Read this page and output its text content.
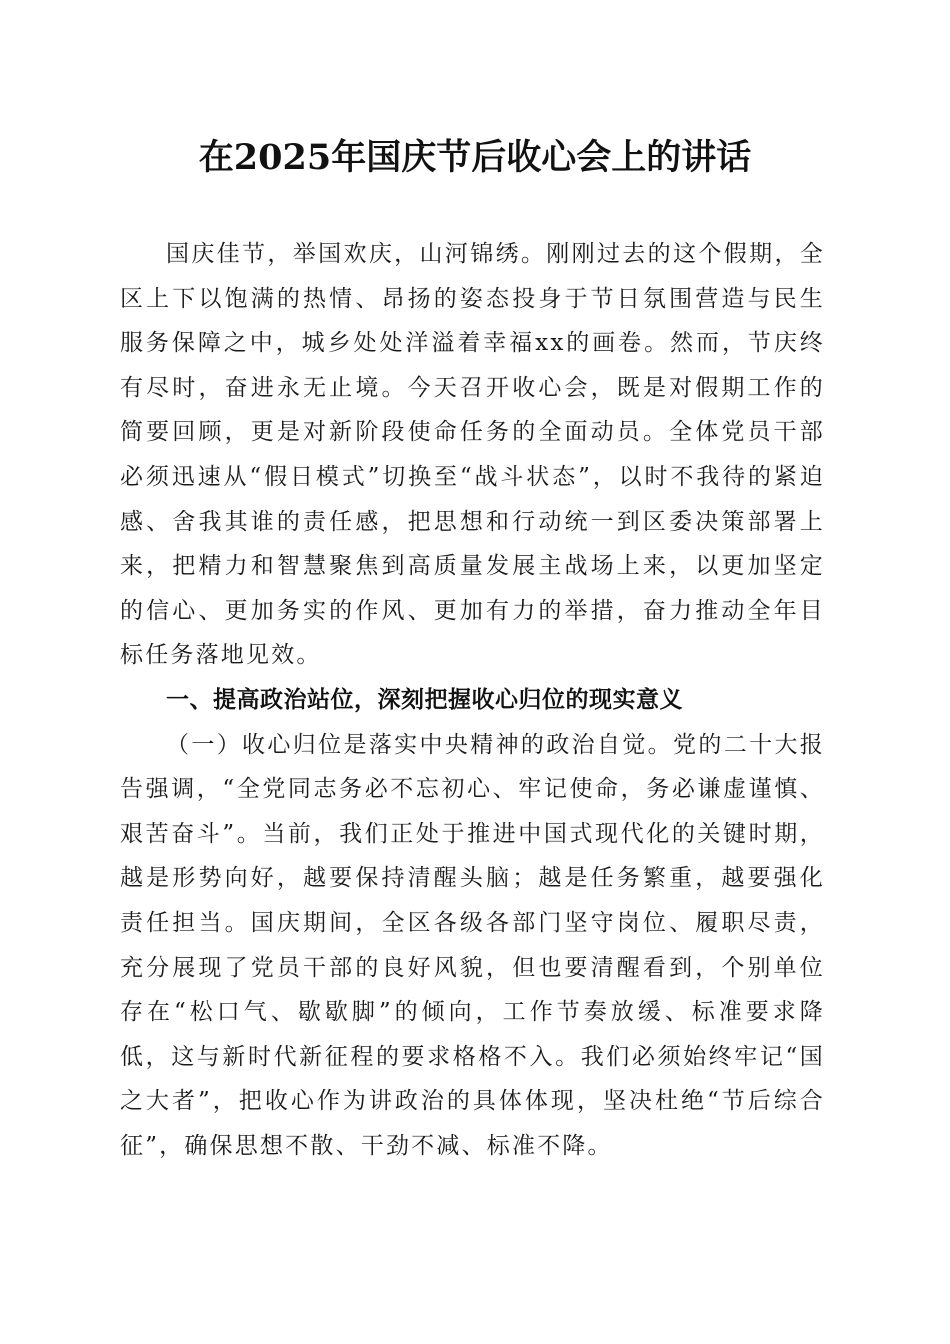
在2025年国庆节后收心会上的讲话

国庆佳节，举国欢庆，山河锦绣。刚刚过去的这个假期，全区上下以饱满的热情、昂扬的姿态投身于节日氛围营造与民生服务保障之中，城乡处处洋溢着幸福xx的画卷。然而，节庆终有尽时，奋进永无止境。今天召开收心会，既是对假期工作的简要回顾，更是对新阶段使命任务的全面动员。全体党员干部必须迅速从“假日模式”切换至“战斗状态”，以时不我待的紧迫感、舍我其谁的责任感，把思想和行动统一到区委决策部署上来，把精力和智慧聚焦到高质量发展主战场上来，以更加坚定的信心、更加务实的作风、更加有力的举措，奋力推动全年目标任务落地见效。

一、提高政治站位，深刻把握收心归位的现实意义

（一）收心归位是落实中央精神的政治自觉。党的二十大报告强调，“全党同志务必不忘初心、牢记使命，务必谦虚谨慎、艰苦奋斗”。当前，我们正处于推进中国式现代化的关键时期，越是形势向好，越要保持清醒头脑；越是任务繁重，越要强化责任担当。国庆期间，全区各级各部门坚守岗位、履职尽责，充分展现了党员干部的良好风貌，但也要清醒看到，个别单位存在“松口气、歇歇脚”的倾向，工作节奏放缓、标准要求降低，这与新时代新征程的要求格格不入。我们必须始终牢记“国之大者”，把收心作为讲政治的具体体现，坚决杜绝“节后综合征”，确保思想不散、干劲不减、标准不降。
